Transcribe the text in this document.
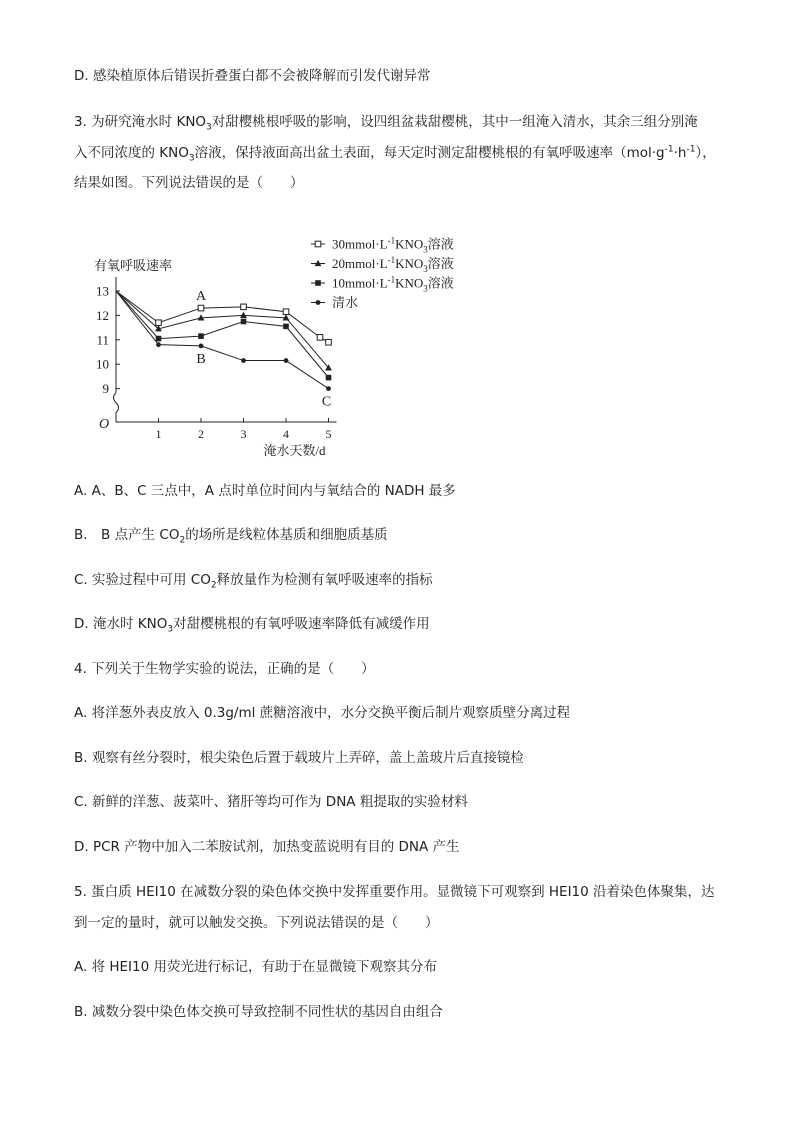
D. 感染植原体后错误折叠蛋白都不会被降解而引发代谢异常
3. 为研究淹水时 $KNO_3$对甜樱桃根呼吸的影响，设四组盆栽甜樱桃，其中一组淹入清水，其余三组分别淹
入不同浓度的 $KNO_3$溶液，保持液面高出盆土表面，每天定时测定甜樱桃根的有氧呼吸速率$(mol\cdot g^{-1}\cdot h^{-1})$，
结果如图。下列说法错误的是（　　）
9
10
11
12
13
1	2	3	4	5
O
有氧呼吸速率
淹水天数/d
A
B
C
$30mmol\cdot L^{-1}KNO_3$溶液
$20mmol\cdot L^{-1}KNO_3$溶液
$10mmol\cdot L^{-1}KNO_3$溶液
清水
A. A、B、C 三点中，A 点时单位时间内与氧结合的 NADH 最多
B.　B 点产生 $CO_2$的场所是线粒体基质和细胞质基质
C. 实验过程中可用 $CO_2$释放量作为检测有氧呼吸速率的指标
D. 淹水时 $KNO_3$对甜樱桃根的有氧呼吸速率降低有减缓作用
4. 下列关于生物学实验的说法，正确的是（　　）
A. 将洋葱外表皮放入 0.3g/ml 蔗糖溶液中，水分交换平衡后制片观察质壁分离过程
B. 观察有丝分裂时，根尖染色后置于载玻片上弄碎，盖上盖玻片后直接镜检
C. 新鲜的洋葱、菠菜叶、猪肝等均可作为 DNA 粗提取的实验材料
D. PCR 产物中加入二苯胺试剂，加热变蓝说明有目的 DNA 产生
5. 蛋白质 HEI10 在减数分裂的染色体交换中发挥重要作用。显微镜下可观察到 HEI10 沿着染色体聚集，达
到一定的量时，就可以触发交换。下列说法错误的是（　　）
A. 将 HEI10 用荧光进行标记，有助于在显微镜下观察其分布
B. 减数分裂中染色体交换可导致控制不同性状的基因自由组合
